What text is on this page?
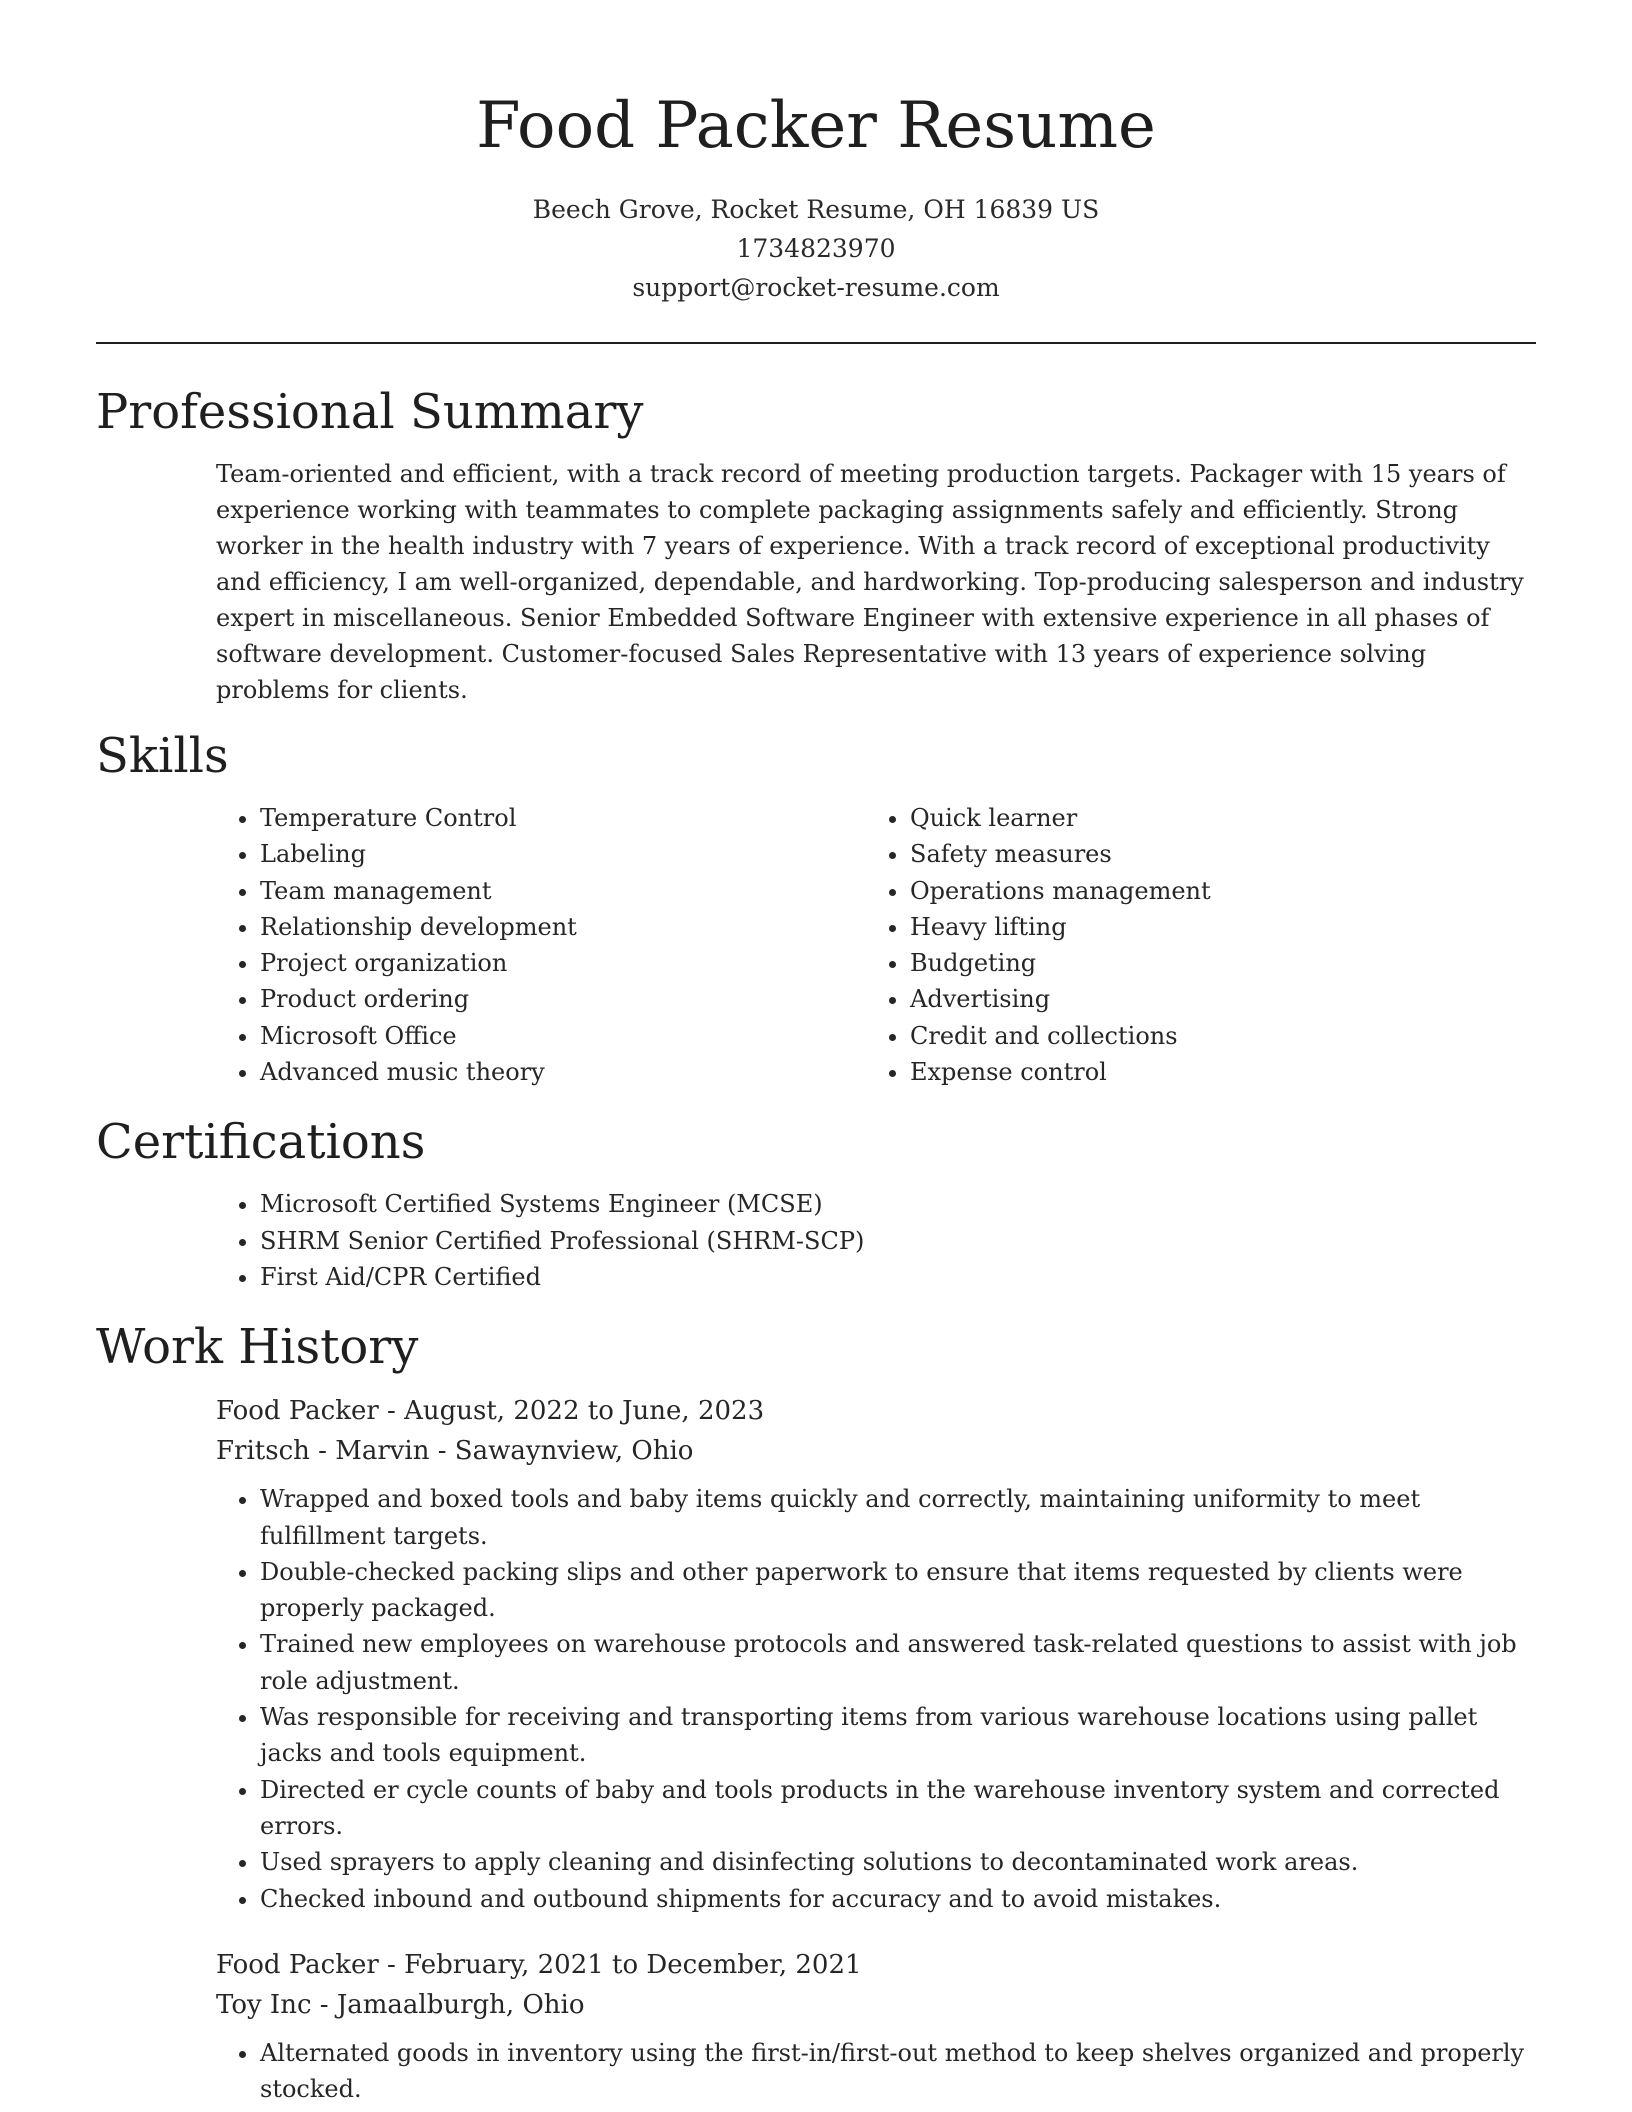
Food Packer Resume
Beech Grove, Rocket Resume, OH 16839 US
1734823970
support@rocket-resume.com
Professional Summary

Team-oriented and efficient, with a track record of meeting production targets. Packager with 15 years of experience working with teammates to complete packaging assignments safely and efficiently. Strong worker in the health industry with 7 years of experience. With a track record of exceptional productivity and efficiency, I am well-organized, dependable, and hardworking. Top-producing salesperson and industry expert in miscellaneous. Senior Embedded Software Engineer with extensive experience in all phases of software development. Customer-focused Sales Representative with 13 years of experience solving problems for clients.

Skills
• Temperature Control
• Labeling
• Team management
• Relationship development
• Project organization
• Product ordering
• Microsoft Office
• Advanced music theory
• Quick learner
• Safety measures
• Operations management
• Heavy lifting
• Budgeting
• Advertising
• Credit and collections
• Expense control
Certifications
• Microsoft Certified Systems Engineer (MCSE)
• SHRM Senior Certified Professional (SHRM-SCP)
• First Aid/CPR Certified
Work History
Food Packer - August, 2022 to June, 2023
Fritsch - Marvin - Sawaynview, Ohio
• Wrapped and boxed tools and baby items quickly and correctly, maintaining uniformity to meet fulfillment targets.
• Double-checked packing slips and other paperwork to ensure that items requested by clients were properly packaged.
• Trained new employees on warehouse protocols and answered task-related questions to assist with job role adjustment.
• Was responsible for receiving and transporting items from various warehouse locations using pallet jacks and tools equipment.
• Directed er cycle counts of baby and tools products in the warehouse inventory system and corrected errors.
• Used sprayers to apply cleaning and disinfecting solutions to decontaminated work areas.
• Checked inbound and outbound shipments for accuracy and to avoid mistakes.
Food Packer - February, 2021 to December, 2021
Toy Inc - Jamaalburgh, Ohio
• Alternated goods in inventory using the first-in/first-out method to keep shelves organized and properly stocked.
